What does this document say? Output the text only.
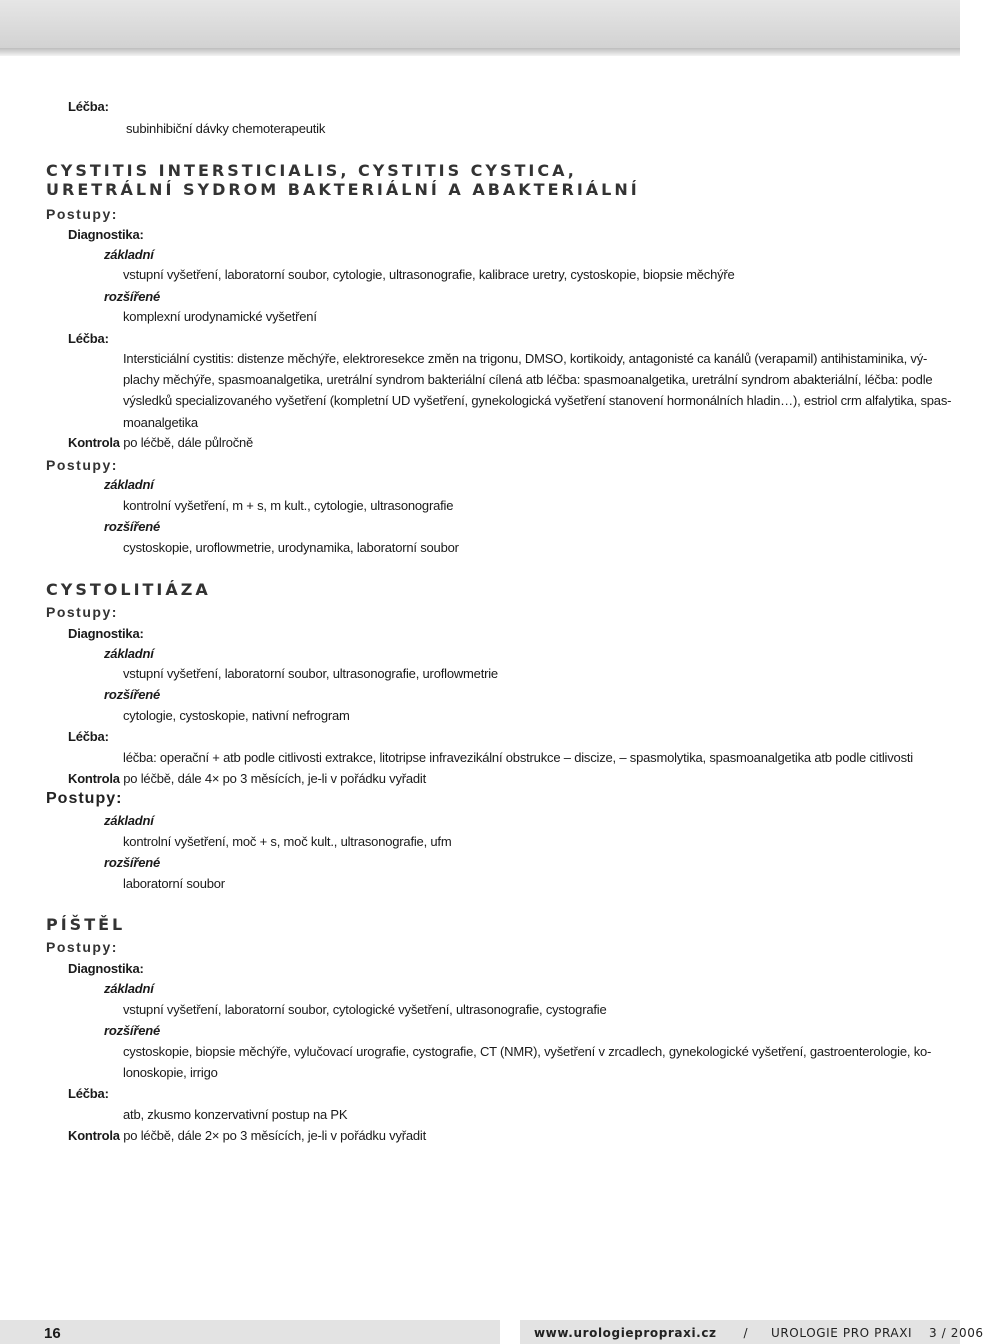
Léčba:
subinhibiční dávky chemoterapeutik
CYSTITIS INTERSTICIALIS, CYSTITIS CYSTICA,
URETRÁLNÍ SYDROM BAKTERIÁLNÍ A ABAKTERIÁLNÍ
Postupy:
Diagnostika:
základní
vstupní vyšetření, laboratorní soubor, cytologie, ultrasonografie, kalibrace uretry, cystoskopie, biopsie měchýře
rozšířené
komplexní urodynamické vyšetření
Léčba:
Intersticiální cystitis: distenze měchýře, elektroresekce změn na trigonu, DMSO, kortikoidy, antagonisté ca kanálů (verapamil) antihistaminika, vý-
plachy měchýře, spasmoanalgetika, uretrální syndrom bakteriální cílená atb léčba: spasmoanalgetika, uretrální syndrom abakteriální, léčba: podle
výsledků specializovaného vyšetření (kompletní UD vyšetření, gynekologická vyšetření stanovení hormonálních hladin…), estriol crm alfalytika, spas-
moanalgetika
Kontrola po léčbě, dále půlročně
Postupy:
základní
kontrolní vyšetření, m + s, m kult., cytologie, ultrasonografie
rozšířené
cystoskopie, uroflowmetrie, urodynamika, laboratorní soubor
CYSTOLITIÁZA
Postupy:
Diagnostika:
základní
vstupní vyšetření, laboratorní soubor, ultrasonografie, uroflowmetrie
rozšířené
cytologie, cystoskopie, nativní nefrogram
Léčba:
léčba: operační + atb podle citlivosti extrakce, litotripse infravezikální obstrukce – discize, – spasmolytika, spasmoanalgetika atb podle citlivosti
Kontrola po léčbě, dále 4× po 3 měsících, je-li v pořádku vyřadit
Postupy:
základní
kontrolní vyšetření, moč + s, moč kult., ultrasonografie, ufm
rozšířené
laboratorní soubor
PÍŠTĚL
Postupy:
Diagnostika:
základní
vstupní vyšetření, laboratorní soubor, cytologické vyšetření, ultrasonografie, cystografie
rozšířené
cystoskopie, biopsie měchýře, vylučovací urografie, cystografie, CT (NMR), vyšetření v zrcadlech, gynekologické vyšetření, gastroenterologie, ko-
lonoskopie, irrigo
Léčba:
atb, zkusmo konzervativní postup na PK
Kontrola po léčbě, dále 2× po 3 měsících, je-li v pořádku vyřadit
16	www.urologiepropraxi.cz / UROLOGIE PRO PRAXI 3 / 2006
